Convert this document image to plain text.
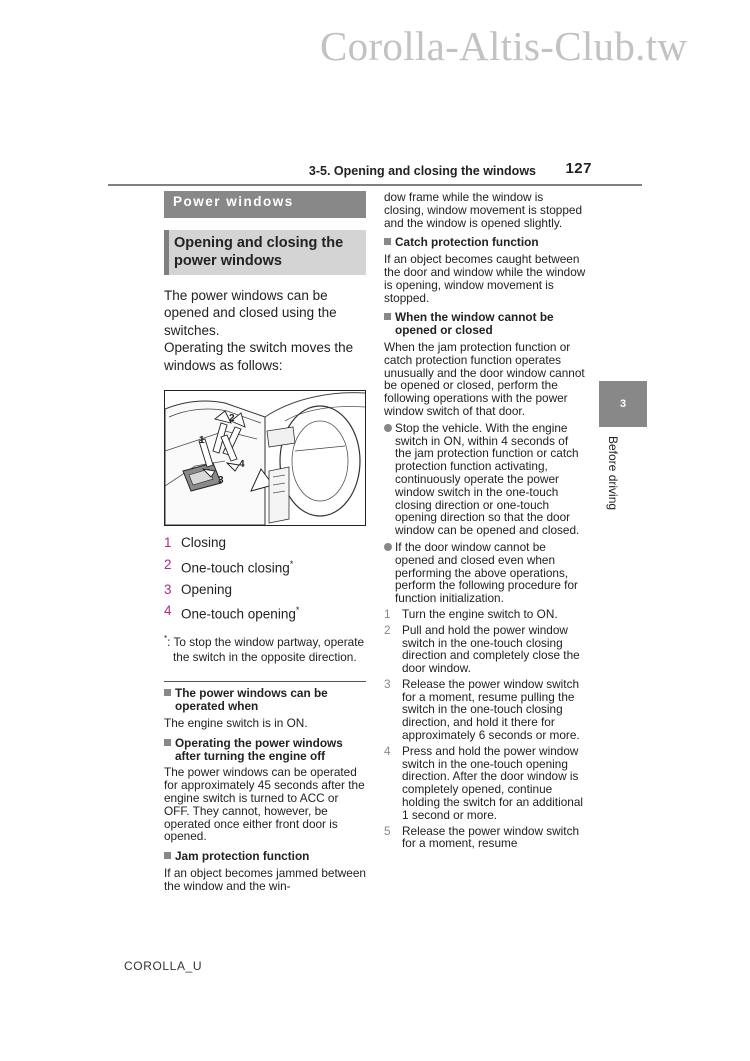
Corolla-Altis-Club.tw
3-5. Opening and closing the windows 127
3
Before driving
Power windows
Opening and closing the power windows

The power windows can be opened and closed using the switches.

Operating the switch moves the windows as follows:

1
2
3
4
1 Closing
2 One-touch closing*
3 Opening
4 One-touch opening*

*: To stop the window partway, operate the switch in the opposite direction.

The power windows can be operated when

The engine switch is in ON.

Operating the power windows after turning the engine off

The power windows can be operated for approximately 45 seconds after the engine switch is turned to ACC or OFF. They cannot, however, be operated once either front door is opened.

Jam protection function

If an object becomes jammed between the window and the win-

dow frame while the window is closing, window movement is stopped and the window is opened slightly.

Catch protection function

If an object becomes caught between the door and window while the window is opening, window movement is stopped.

When the window cannot be opened or closed

When the jam protection function or catch protection function operates unusually and the door window cannot be opened or closed, perform the following operations with the power window switch of that door.

Stop the vehicle. With the engine switch in ON, within 4 seconds of the jam protection function or catch protection function activating, continuously operate the power window switch in the one-touch closing direction or one-touch opening direction so that the door window can be opened and closed.
If the door window cannot be opened and closed even when performing the above operations, perform the following procedure for function initialization.
1 Turn the engine switch to ON.
2 Pull and hold the power window switch in the one-touch closing direction and completely close the door window.
3 Release the power window switch for a moment, resume pulling the switch in the one-touch closing direction, and hold it there for approximately 6 seconds or more.
4 Press and hold the power window switch in the one-touch opening direction. After the door window is completely opened, continue holding the switch for an additional 1 second or more.
5 Release the power window switch for a moment, resume
COROLLA_U
